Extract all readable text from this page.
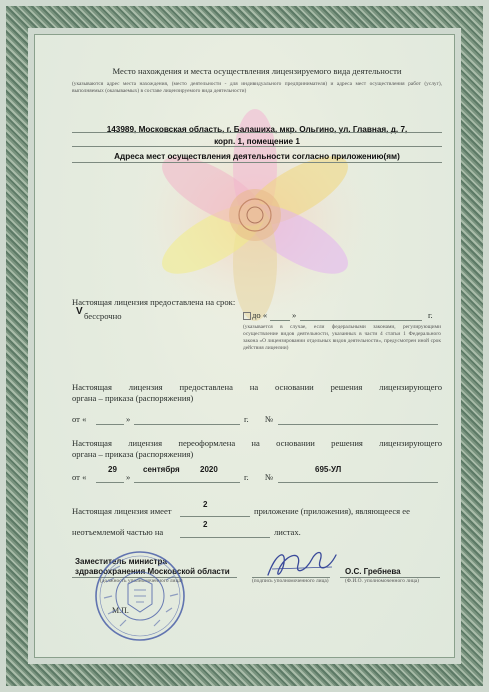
Место нахождения и места осуществления лицензируемого вида деятельности

(указываются адрес места нахождения, (место деятельности - для индивидуального предпринимателя) и адреса мест осуществления работ (услуг), выполняемых (оказываемых) в составе лицензируемого вида деятельности)

143989, Московская область, г. Балашиха, мкр. Ольгино, ул. Главная, д. 7,

корп. 1, помещение 1

Адреса мест осуществления деятельности согласно приложению(ям)

Настоящая лицензия предоставлена на срок:

V бессрочно	до «	»	г.

(указывается в случае, если федеральными законами, регулирующими осуществление видов деятельности, указанных в части 4 статьи 1 Федерального закона «О лицензировании отдельных видов деятельности», предусмотрен иной срок действия лицензии)

Настоящая лицензия предоставлена на основании решения лицензирующего

органа – приказа (распоряжения)

от «	»	г. №

Настоящая лицензия переоформлена на основании решения лицензирующего

органа – приказа (распоряжения)

от «

29

»

сентября	2020

г. №

695-УЛ

Настоящая лицензия имеет

2

приложение (приложения), являющееся ее

неотъемлемой частью на

2

листах.

Заместитель министра
здравоохранения Московской области	О.С. Гребнева

(должность уполномоченного лица)	(подпись уполномоченного лица)	(Ф.И.О. уполномоченного лица)

М.П.
